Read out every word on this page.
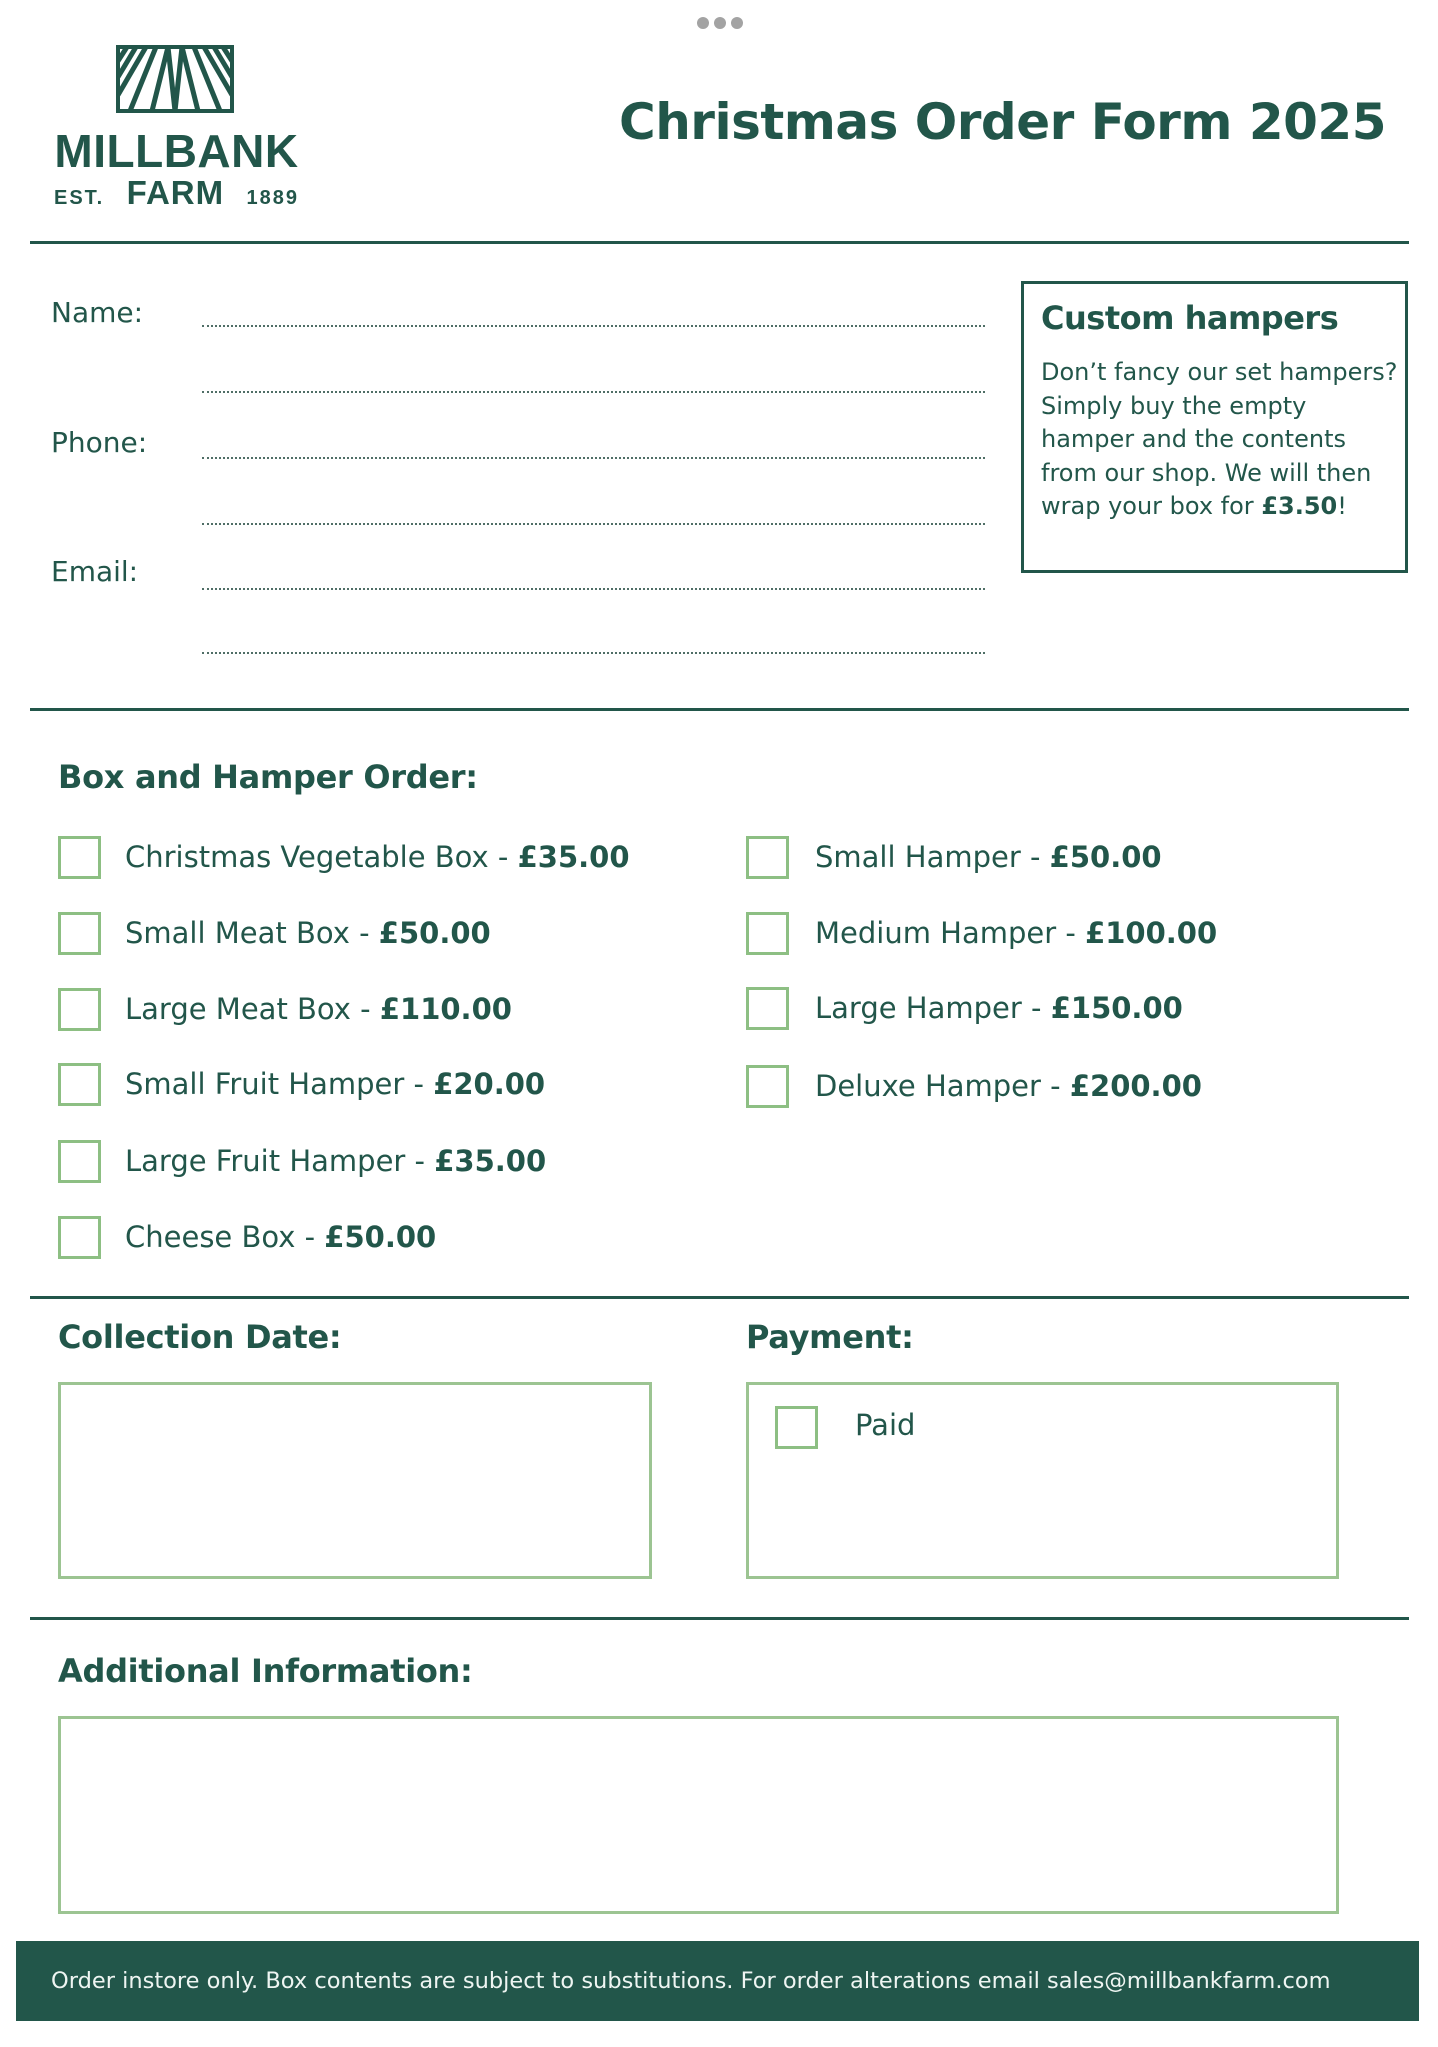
MILLBANK
EST. FARM 1889
Christmas Order Form 2025
Name:
Phone:
Email:
Custom hampers
Don’t fancy our set hampers? Simply buy the empty hamper and the contents from our shop. We will then wrap your box for £3.50!
Box and Hamper Order:
Christmas Vegetable Box - £35.00
Small Meat Box - £50.00
Large Meat Box - £110.00
Small Fruit Hamper - £20.00
Large Fruit Hamper - £35.00
Cheese Box - £50.00
Small Hamper - £50.00
Medium Hamper - £100.00
Large Hamper - £150.00
Deluxe Hamper - £200.00
Collection Date:	Payment:
Paid
Additional Information:
Order instore only. Box contents are subject to substitutions. For order alterations email sales@millbankfarm.com
